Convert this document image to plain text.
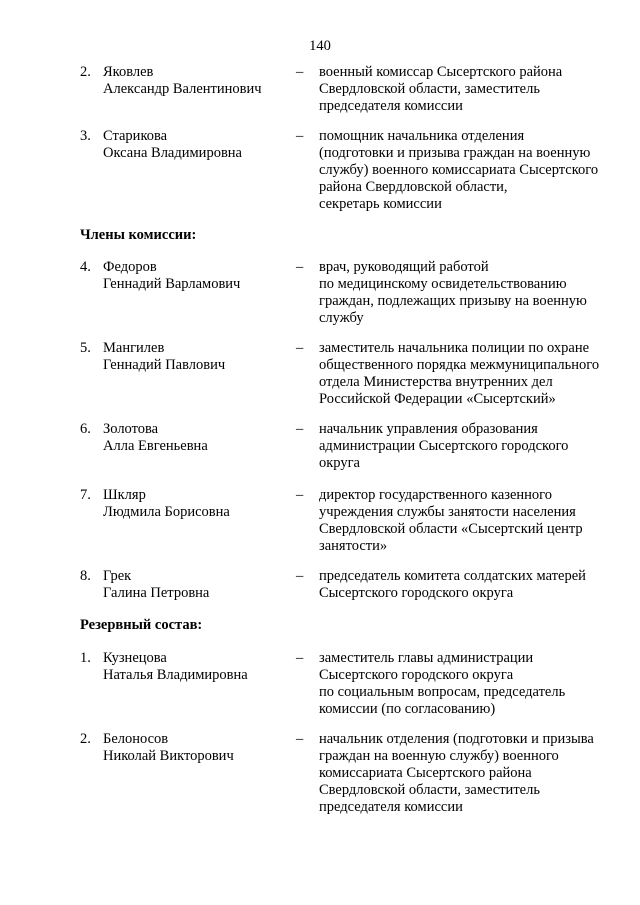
140
2. Яковлев
Александр Валентинович
– военный комиссар Сысертского района
Свердловской области, заместитель
председателя комиссии
3. Старикова
Оксана Владимировна
– помощник начальника отделения
(подготовки и призыва граждан на военную
службу) военного комиссариата Сысертского
района Свердловской области,
секретарь комиссии
Члены комиссии:
4. Федоров
Геннадий Варламович
– врач, руководящий работой
по медицинскому освидетельствованию
граждан, подлежащих призыву на военную
службу
5. Мангилев
Геннадий Павлович
– заместитель начальника полиции по охране
общественного порядка межмуниципального
отдела Министерства внутренних дел
Российской Федерации «Сысертский»
6. Золотова
Алла Евгеньевна
– начальник управления образования
администрации Сысертского городского
округа
7. Шкляр
Людмила Борисовна
– директор государственного казенного
учреждения службы занятости населения
Свердловской области «Сысертский центр
занятости»
8. Грек
Галина Петровна
– председатель комитета солдатских матерей
Сысертского городского округа
Резервный состав:
1. Кузнецова
Наталья Владимировна
– заместитель главы администрации
Сысертского городского округа
по социальным вопросам, председатель
комиссии (по согласованию)
2. Белоносов
Николай Викторович
– начальник отделения (подготовки и призыва
граждан на военную службу) военного
комиссариата Сысертского района
Свердловской области, заместитель
председателя комиссии
